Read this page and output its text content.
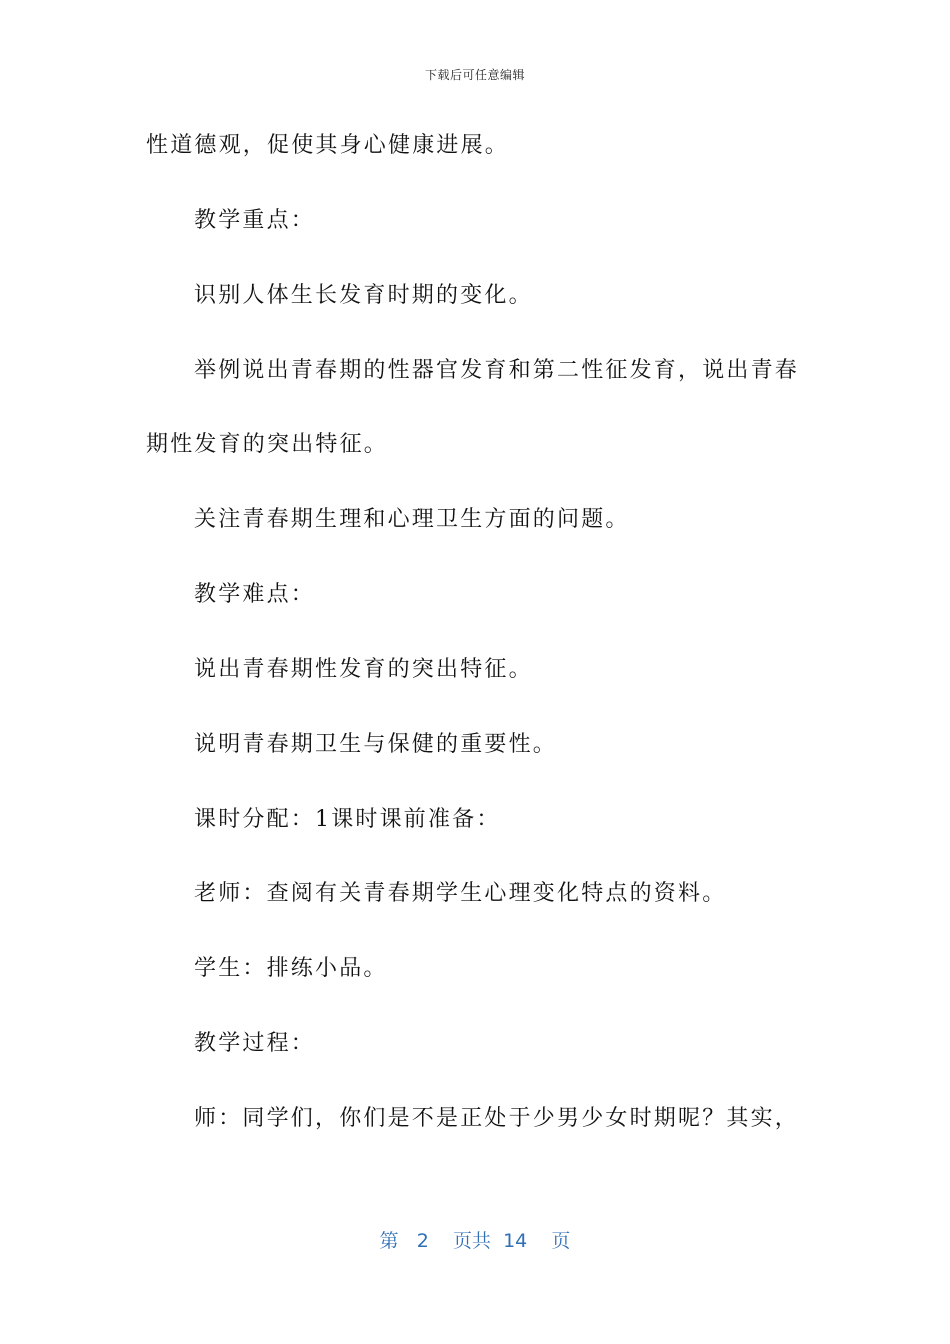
下载后可任意编辑
性道德观，促使其身心健康进展。
教学重点：
识别人体生长发育时期的变化。
举例说出青春期的性器官发育和第二性征发育，说出青春
期性发育的突出特征。
关注青春期生理和心理卫生方面的问题。
教学难点：
说出青春期性发育的突出特征。
说明青春期卫生与保健的重要性。
课时分配：1课时课前准备：
老师：查阅有关青春期学生心理变化特点的资料。
学生：排练小品。
教学过程：
师：同学们，你们是不是正处于少男少女时期呢？其实，
第 2 页共 14 页
